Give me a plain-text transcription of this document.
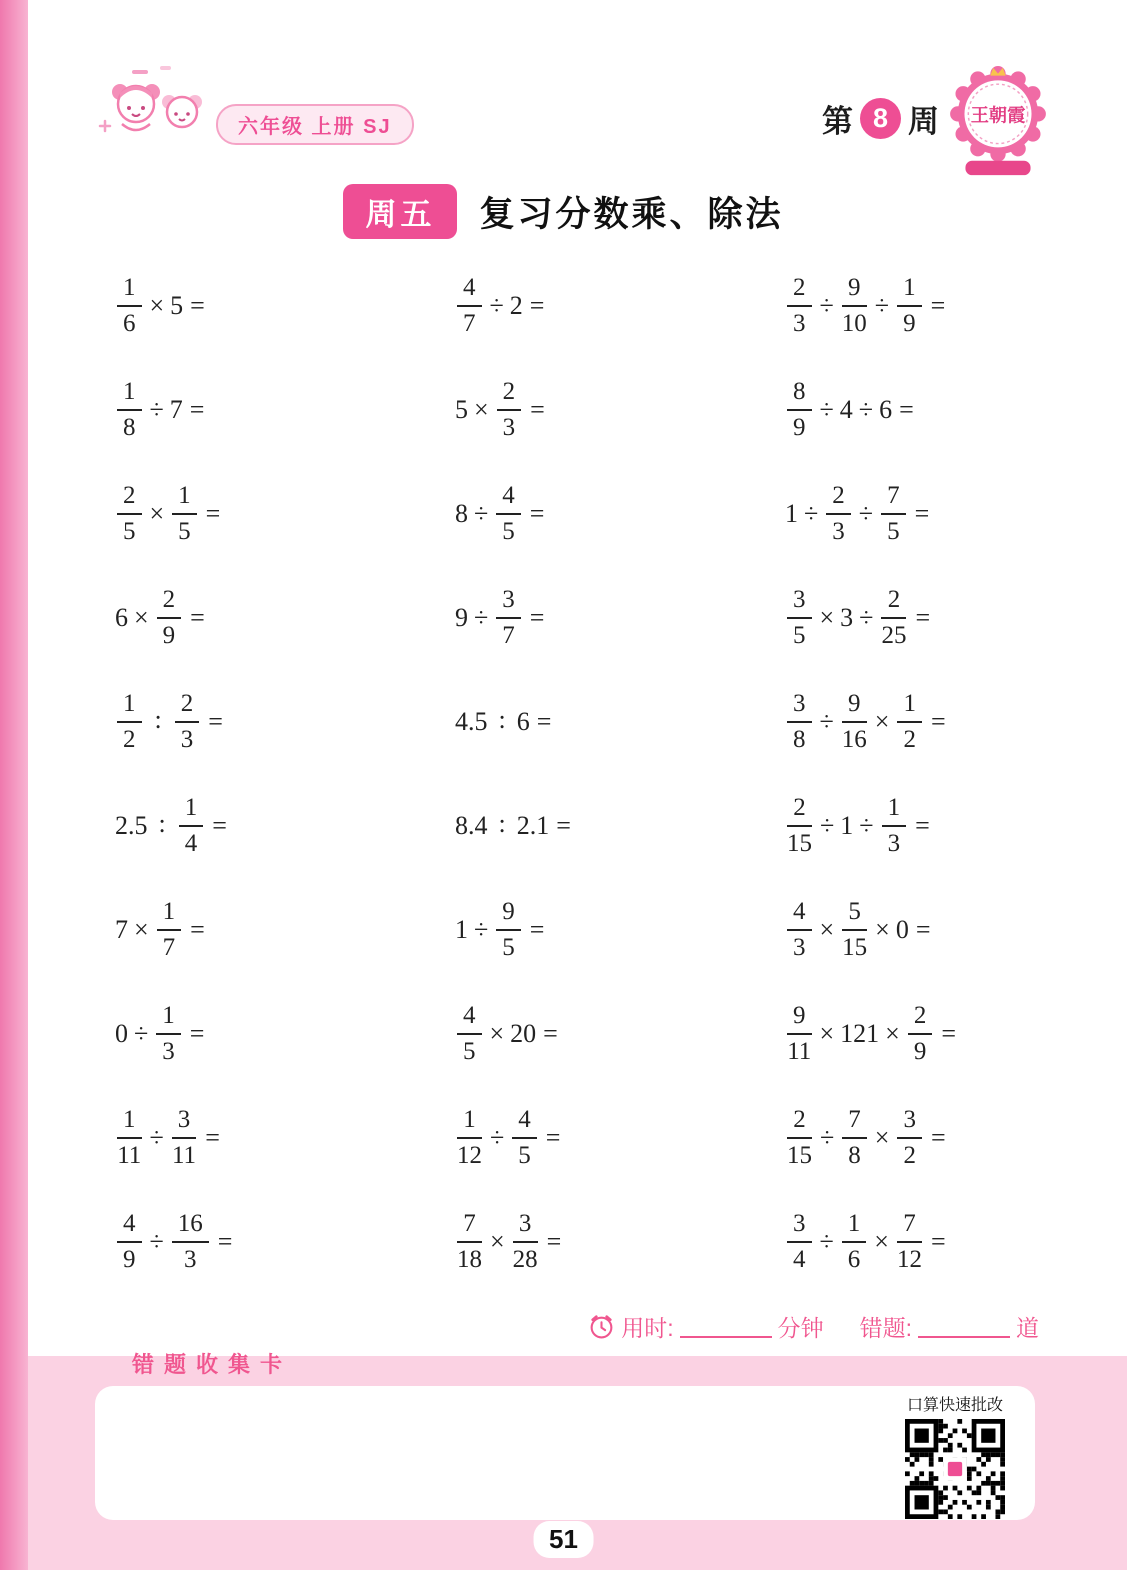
六年级 上册 SJ	第 8 周 王朝霞
周五	复习分数乘、除法
$\frac{1}{6} \times 5$ =	$\frac{4}{7} \div 2$ =	$\frac{2}{3} \div \frac{9}{10} \div \frac{1}{9}$ =
$\frac{1}{8} \div 7$ =	$5 \times \frac{2}{3}$ =	$\frac{8}{9} \div 4 \div 6$ =
$\frac{2}{5} \times \frac{1}{5}$ =	$8 \div \frac{4}{5}$ =	$1 \div \frac{2}{3} \div \frac{7}{5}$ =
$6 \times \frac{2}{9}$ =	$9 \div \frac{3}{7}$ =	$\frac{3}{5} \times 3 \div \frac{2}{25}$ =
$\frac{1}{2}$ : $\frac{2}{3}$ =	4.5 : 6 =	$\frac{3}{8} \div \frac{9}{16} \times \frac{1}{2}$ =
2.5 : $\frac{1}{4}$ =	8.4 : 2.1 =	$\frac{2}{15} \div 1 \div \frac{1}{3}$ =
$7 \times \frac{1}{7}$ =	$1 \div \frac{9}{5}$ =	$\frac{4}{3} \times \frac{5}{15} \times 0$ =
$0 \div \frac{1}{3}$ =	$\frac{4}{5} \times 20$ =	$\frac{9}{11} \times 121 \times \frac{2}{9}$ =
$\frac{1}{11} \div \frac{3}{11}$ =	$\frac{1}{12} \div \frac{4}{5}$ =	$\frac{2}{15} \div \frac{7}{8} \times \frac{3}{2}$ =
$\frac{4}{9} \div \frac{16}{3}$ =	$\frac{7}{18} \times \frac{3}{28}$ =	$\frac{3}{4} \div \frac{1}{6} \times \frac{7}{12}$ =
用时:	分钟 错题:	道
错题收集卡
口算快速批改
51
